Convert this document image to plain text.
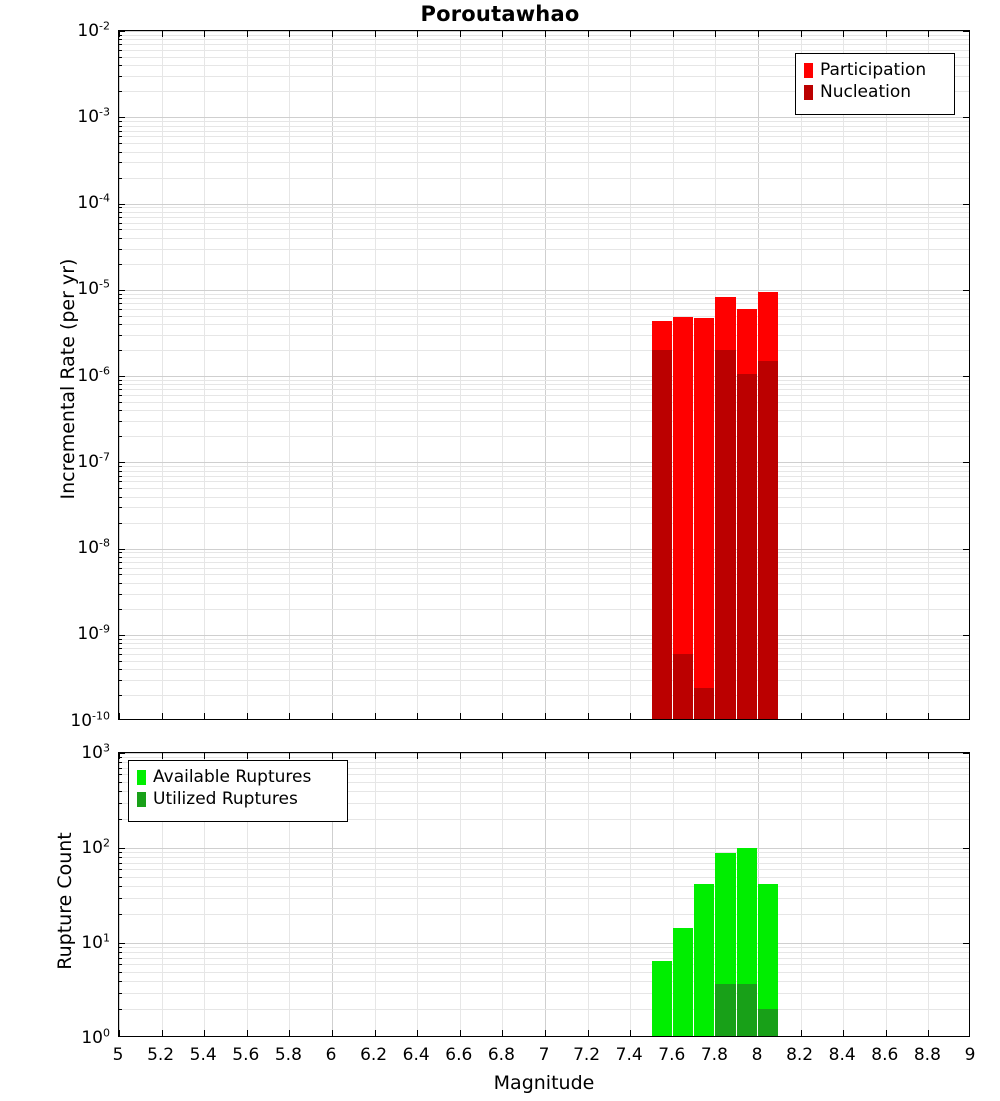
Poroutawhao
Incremental Rate (per yr)
Participation
Nucleation
Rupture Count
Magnitude
$10^{-2}$
$10^{-3}$
$10^{-4}$
$10^{-5}$
$10^{-6}$
$10^{-7}$
$10^{-8}$
$10^{-9}$
$10^{-10}$
$10^3$
$10^2$
$10^1$
$10^0$
5 5.2 5.4 5.6 5.8 6 6.2 6.4 6.6 6.8 7 7.2 7.4 7.6 7.8 8 8.2 8.4 8.6 8.8 9
Available Ruptures
Utilized Ruptures
